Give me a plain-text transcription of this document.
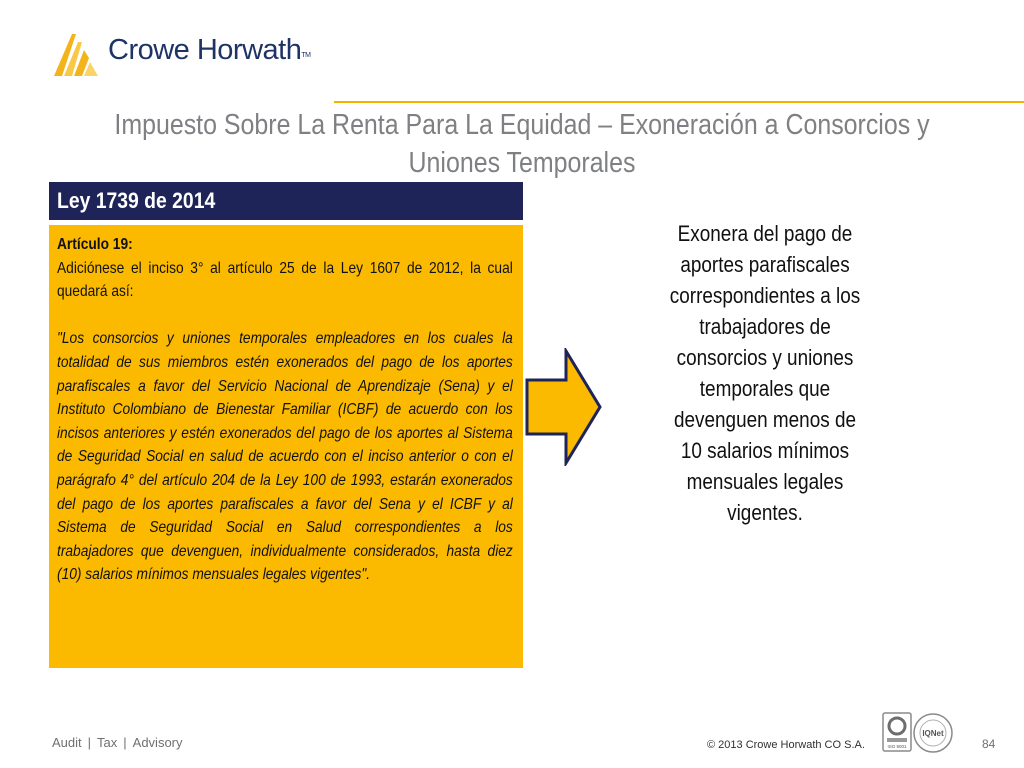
Crowe HorwathTM
Impuesto Sobre La Renta Para La Equidad – Exoneración a Consorcios y Uniones Temporales
Ley 1739 de 2014
Artículo 19:
Adiciónese el inciso 3° al artículo 25 de la Ley 1607 de 2012, la cual quedará así:
"Los consorcios y uniones temporales empleadores en los cuales la totalidad de sus miembros estén exonerados del pago de los aportes parafiscales a favor del Servicio Nacional de Aprendizaje (Sena) y el Instituto Colombiano de Bienestar Familiar (ICBF) de acuerdo con los incisos anteriores y estén exonerados del pago de los aportes al Sistema de Seguridad Social en salud de acuerdo con el inciso anterior o con el parágrafo 4° del artículo 204 de la Ley 100 de 1993, estarán exonerados del pago de los aportes parafiscales a favor del Sena y el ICBF y al Sistema de Seguridad Social en Salud correspondientes a los trabajadores que devenguen, individualmente considerados, hasta diez (10) salarios mínimos mensuales legales vigentes".
Exonera del pago de aportes parafiscales correspondientes a los trabajadores de consorcios y uniones temporales que devenguen menos de 10 salarios mínimos mensuales legales vigentes.
Audit | Tax | Advisory	© 2013 Crowe Horwath CO S.A.	ISO 9001
IQNet
84
